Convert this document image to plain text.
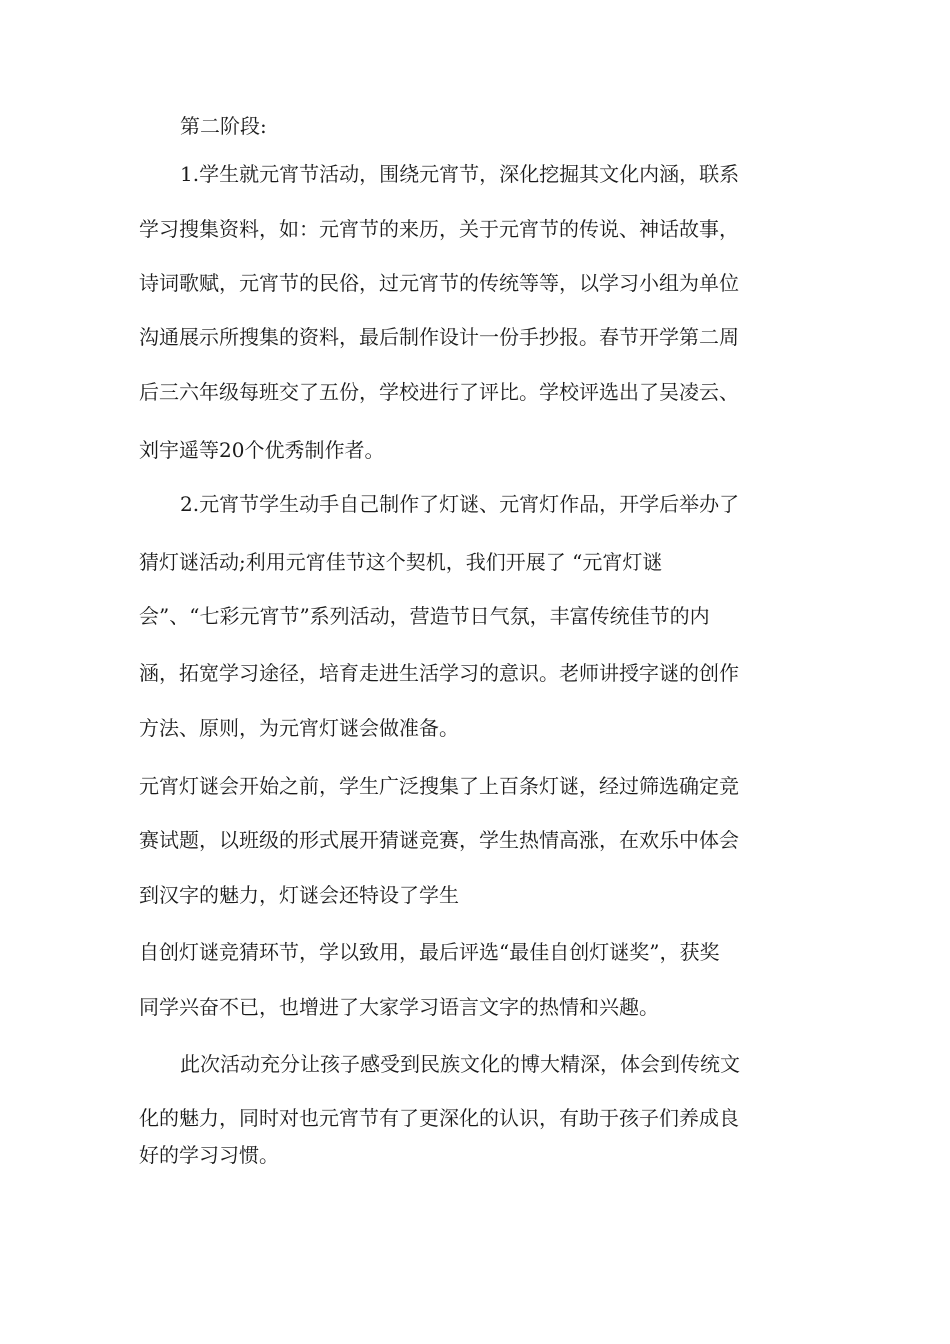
第二阶段:
1.学生就元宵节活动，围绕元宵节，深化挖掘其文化内涵，联系
学习搜集资料，如：元宵节的来历，关于元宵节的传说、神话故事，
诗词歌赋，元宵节的民俗，过元宵节的传统等等，以学习小组为单位
沟通展示所搜集的资料，最后制作设计一份手抄报。春节开学第二周
后三六年级每班交了五份，学校进行了评比。学校评选出了吴凌云、
刘宇遥等20个优秀制作者。
2.元宵节学生动手自己制作了灯谜、元宵灯作品，开学后举办了
猜灯谜活动;利用元宵佳节这个契机，我们开展了 “元宵灯谜
会”、“七彩元宵节”系列活动，营造节日气氛，丰富传统佳节的内
涵，拓宽学习途径，培育走进生活学习的意识。老师讲授字谜的创作
方法、原则，为元宵灯谜会做准备。
元宵灯谜会开始之前，学生广泛搜集了上百条灯谜，经过筛选确定竞
赛试题，以班级的形式展开猜谜竞赛，学生热情高涨，在欢乐中体会
到汉字的魅力，灯谜会还特设了学生
自创灯谜竞猜环节，学以致用，最后评选“最佳自创灯谜奖”，获奖
同学兴奋不已，也增进了大家学习语言文字的热情和兴趣。
此次活动充分让孩子感受到民族文化的博大精深，体会到传统文
化的魅力，同时对也元宵节有了更深化的认识，有助于孩子们养成良
好的学习习惯。
